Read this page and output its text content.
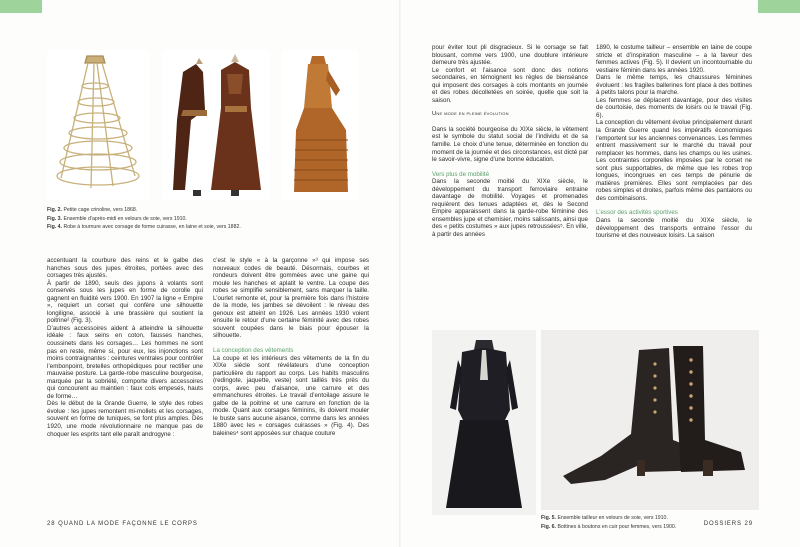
Fig. 2. Petite cage crinoline, vers 1868.
Fig. 3. Ensemble d’après-midi en velours de soie, vers 1910.
Fig. 4. Robe à tournure avec corsage de forme cuirasse, en laine et soie, vers 1882.

accentuant la courbure des reins et le galbe des hanches sous des jupes étroites, portées avec des corsages très ajustés.

À partir de 1890, seuls des jupons à volants sont conservés sous les jupes en forme de corolle qui gagnent en fluidité vers 1900. En 1907 la ligne « Empire », requiert un corset qui confère une silhouette longiligne, associé à une brassière qui soutient la poitrine² (Fig. 3).

D’autres accessoires aident à atteindre la silhouette idéale : faux seins en coton, fausses hanches, coussinets dans les corsages… Les hommes ne sont pas en reste, même si, pour eux, les injonctions sont moins contraignantes : ceintures ventrales pour contrôler l’embonpoint, bretelles orthopédiques pour rectifier une mauvaise posture. La garde-robe masculine bourgeoise, marquée par la sobriété, comporte divers accessoires qui concourent au maintien : faux cols empesés, hauts de forme…

Dès le début de la Grande Guerre, le style des robes évolue : les jupes remontent mi-mollets et les corsages, souvent en forme de tuniques, se font plus amples. Dès 1920, une mode révolutionnaire ne manque pas de choquer les esprits tant elle paraît androgyne :

c’est le style « à la garçonne »³ qui impose ses nouveaux codes de beauté. Désormais, courbes et rondeurs doivent être gommées avec une gaine qui moule les hanches et aplatit le ventre. La coupe des robes se simplifie sensiblement, sans marquer la taille. L’ourlet remonte et, pour la première fois dans l’histoire de la mode, les jambes se dévoilent : le niveau des genoux est atteint en 1926. Les années 1930 voient ensuite le retour d’une certaine féminité avec des robes souvent coupées dans le biais pour épouser la silhouette.

La conception des vêtements

La coupe et les intérieurs des vêtements de la fin du XIXe siècle sont révélateurs d’une conception particulière du rapport au corps. Les habits masculins (redingote, jaquette, veste) sont taillés très près du corps, avec peu d’aisance, une carrure et des emmanchures étroites. Le travail d’entoilage assure le galbe de la poitrine et une carrure en fonction de la mode. Quant aux corsages féminins, ils doivent mouler le buste sans aucune aisance, comme dans les années 1880 avec les « corsages cuirasses » (Fig. 4). Des baleines⁴ sont apposées sur chaque couture

28 QUAND LA MODE FAÇONNE LE CORPS

pour éviter tout pli disgracieux. Si le corsage se fait blousant, comme vers 1900, une doublure intérieure demeure très ajustée.

Le confort et l’aisance sont donc des notions secondaires, en témoignent les règles de bienséance qui imposent des corsages à cols montants en journée et des robes décolletées en soirée, quelle que soit la saison.

Une mode en pleine évolution

Dans la société bourgeoise du XIXe siècle, le vêtement est le symbole du statut social de l’individu et de sa famille. Le choix d’une tenue, déterminée en fonction du moment de la journée et des circonstances, est dicté par le savoir-vivre, signe d’une bonne éducation.

Vers plus de mobilité

Dans la seconde moitié du XIXe siècle, le développement du transport ferroviaire entraine davantage de mobilité. Voyages et promenades requièrent des tenues adaptées et, dès le Second Empire apparaissent dans la garde-robe féminine des ensembles jupe et chemisier, moins salissants, ainsi que des « petits costumes » aux jupes retroussées⁵. En ville, à partir des années

1890, le costume tailleur – ensemble en laine de coupe stricte et d’inspiration masculine – a la faveur des femmes actives (Fig. 5). Il devient un incontournable du vestiaire féminin dans les années 1920.

Dans le même temps, les chaussures féminines évoluent : les fragiles ballerines font place à des bottines à petits talons pour la marche.

Les femmes se déplacent davantage, pour des visites de courtoisie, des moments de loisirs ou le travail (Fig. 6).

La conception du vêtement évolue principalement durant la Grande Guerre quand les impératifs économiques l’emportent sur les anciennes convenances. Les femmes entrent massivement sur le marché du travail pour remplacer les hommes, dans les champs ou les usines. Les contraintes corporelles imposées par le corset ne sont plus supportables, de même que les robes trop longues, incongrues en ces temps de pénurie de matières premières. Elles sont remplacées par des robes simples et droites, parfois même des pantalons ou des combinaisons.

L’essor des activités sportives

Dans la seconde moitié du XIXe siècle, le développement des transports entraine l’essor du tourisme et des nouveaux loisirs. La saison

Fig. 5. Ensemble tailleur en velours de soie, vers 1910.
Fig. 6. Bottines à boutons en cuir pour femmes, vers 1900.	DOSSIERS 29
